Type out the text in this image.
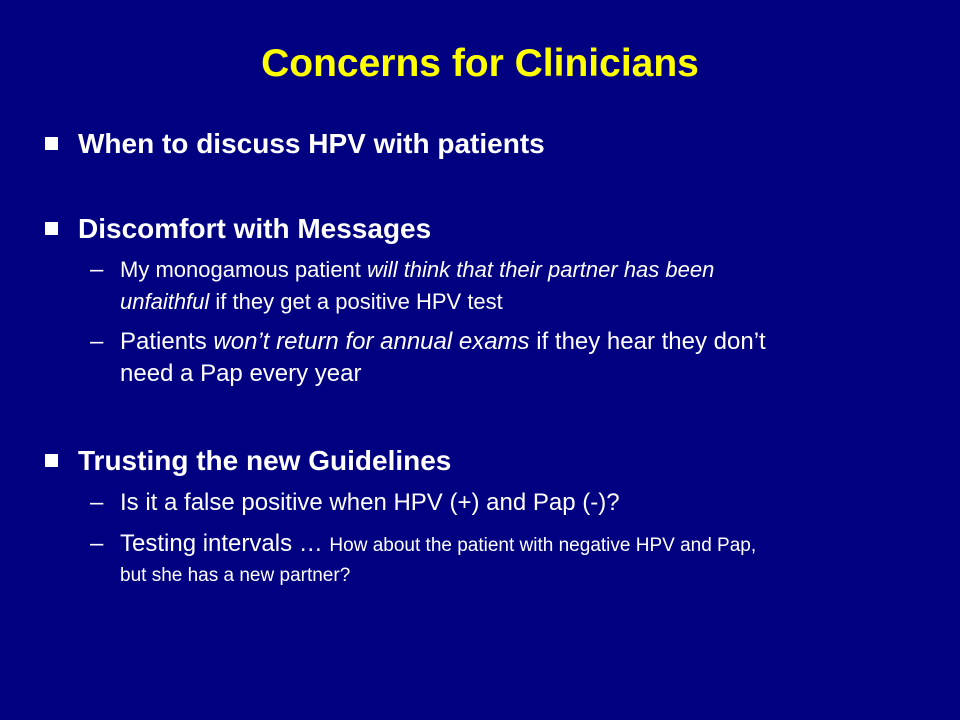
Concerns for Clinicians
When to discuss HPV with patients
Discomfort with Messages
– My monogamous patient will think that their partner has been
unfaithful if they get a positive HPV test
– Patients won’t return for annual exams if they hear they don’t
need a Pap every year
Trusting the new Guidelines
– Is it a false positive when HPV (+) and Pap (-)?
– Testing intervals … How about the patient with negative HPV and Pap,
but she has a new partner?
